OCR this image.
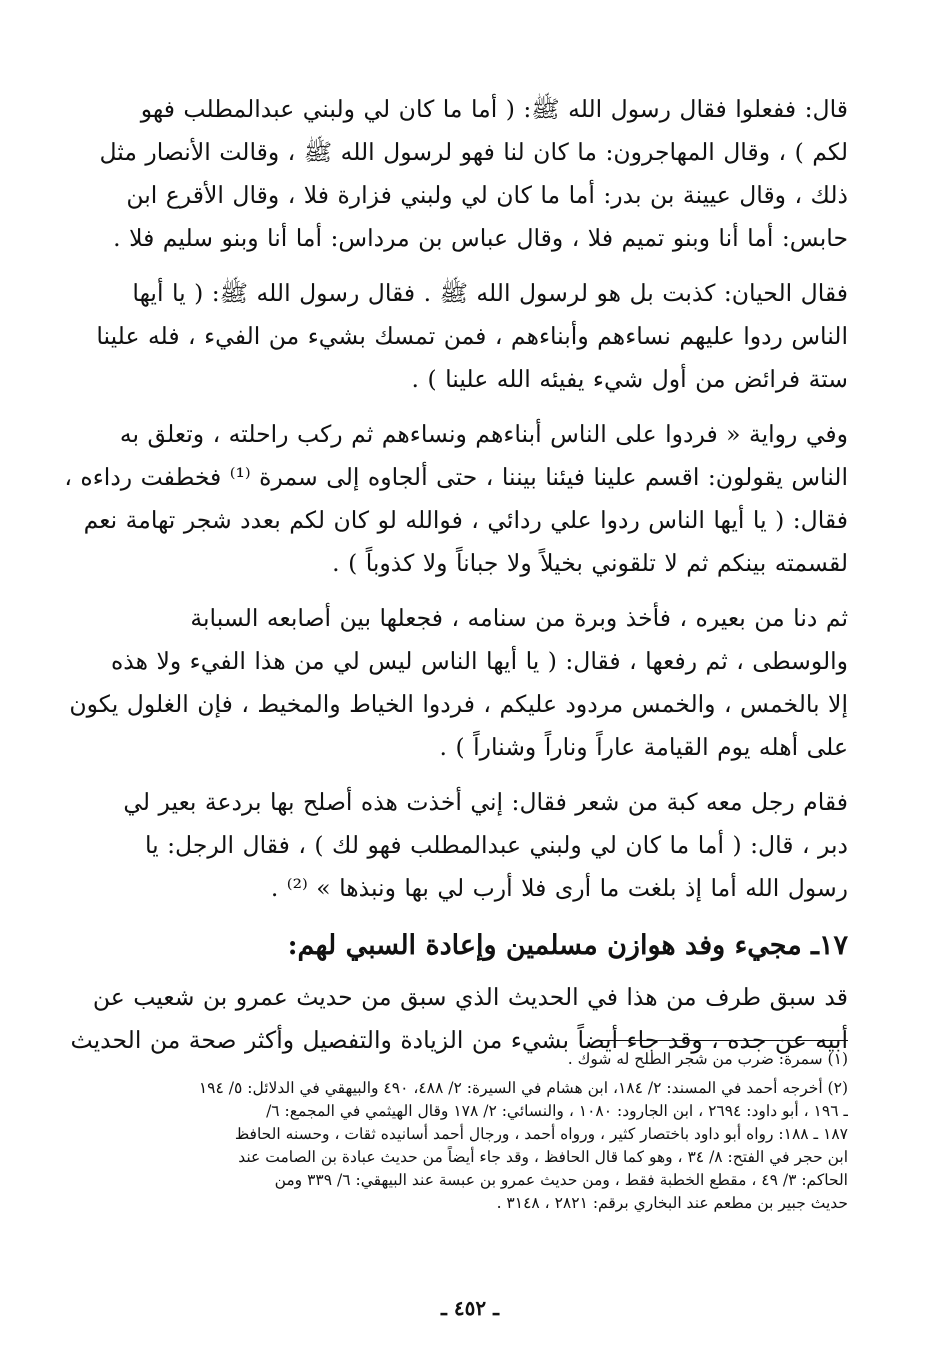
قال: ففعلوا فقال رسول الله ﷺ: ( أما ما كان لي ولبني عبدالمطلب فهو
لكم ) ، وقال المهاجرون: ما كان لنا فهو لرسول الله ﷺ ، وقالت الأنصار مثل
ذلك ، وقال عيينة بن بدر: أما ما كان لي ولبني فزارة فلا ، وقال الأقرع ابن
حابس: أما أنا وبنو تميم فلا ، وقال عباس بن مرداس: أما أنا وبنو سليم فلا .

فقال الحيان: كذبت بل هو لرسول الله ﷺ . فقال رسول الله ﷺ: ( يا أيها
الناس ردوا عليهم نساءهم وأبناءهم ، فمن تمسك بشيء من الفيء ، فله علينا
ستة فرائض من أول شيء يفيئه الله علينا ) .

وفي رواية « فردوا على الناس أبناءهم ونساءهم ثم ركب راحلته ، وتعلق به
الناس يقولون: اقسم علينا فيئنا بيننا ، حتى ألجاوه إلى سمرة ⁽¹⁾ فخطفت رداءه ،
فقال: ( يا أيها الناس ردوا علي ردائي ، فوالله لو كان لكم بعدد شجر تهامة نعم
لقسمته بينكم ثم لا تلقوني بخيلاً ولا جباناً ولا كذوباً ) .

ثم دنا من بعيره ، فأخذ وبرة من سنامه ، فجعلها بين أصابعه السبابة
والوسطى ، ثم رفعها ، فقال: ( يا أيها الناس ليس لي من هذا الفيء ولا هذه
إلا بالخمس ، والخمس مردود عليكم ، فردوا الخياط والمخيط ، فإن الغلول يكون
على أهله يوم القيامة عاراً وناراً وشناراً ) .

فقام رجل معه كبة من شعر فقال: إني أخذت هذه أصلح بها بردعة بعير لي
دبر ، قال: ( أما ما كان لي ولبني عبدالمطلب فهو لك ) ، فقال الرجل: يا
رسول الله أما إذ بلغت ما أرى فلا أرب لي بها ونبذها » ⁽²⁾ .

١٧ـ مجيء وفد هوازن مسلمين وإعادة السبي لهم:

قد سبق طرف من هذا في الحديث الذي سبق من حديث عمرو بن شعيب عن
أبيه عن جده ، وقد جاء أيضاً بشيء من الزيادة والتفصيل وأكثر صحة من الحديث

(١) سمرة: ضرب من شجر الطلح له شوك .

(٢) أخرجه أحمد في المسند: ٢/ ١٨٤، ابن هشام في السيرة: ٢/ ٤٨٨، ٤٩٠ والبيهقي في الدلائل: ٥/ ١٩٤
ـ ١٩٦ ، أبو داود: ٢٦٩٤ ، ابن الجارود: ١٠٨٠ ، والنسائي: ٢/ ١٧٨ وقال الهيثمي في المجمع: ٦/
١٨٧ ـ ١٨٨: رواه أبو داود باختصار كثير ، ورواه أحمد ، ورجال أحمد أسانيده ثقات ، وحسنه الحافظ
ابن حجر في الفتح: ٨/ ٣٤ ، وهو كما قال الحافظ ، وقد جاء أيضاً من حديث عبادة بن الصامت عند
الحاكم: ٣/ ٤٩ ، مقطع الخطبة فقط ، ومن حديث عمرو بن عبسة عند البيهقي: ٦/ ٣٣٩ ومن
حديث جبير بن مطعم عند البخاري برقم: ٢٨٢١ ، ٣١٤٨ .

ـ ٤٥٢ ـ
